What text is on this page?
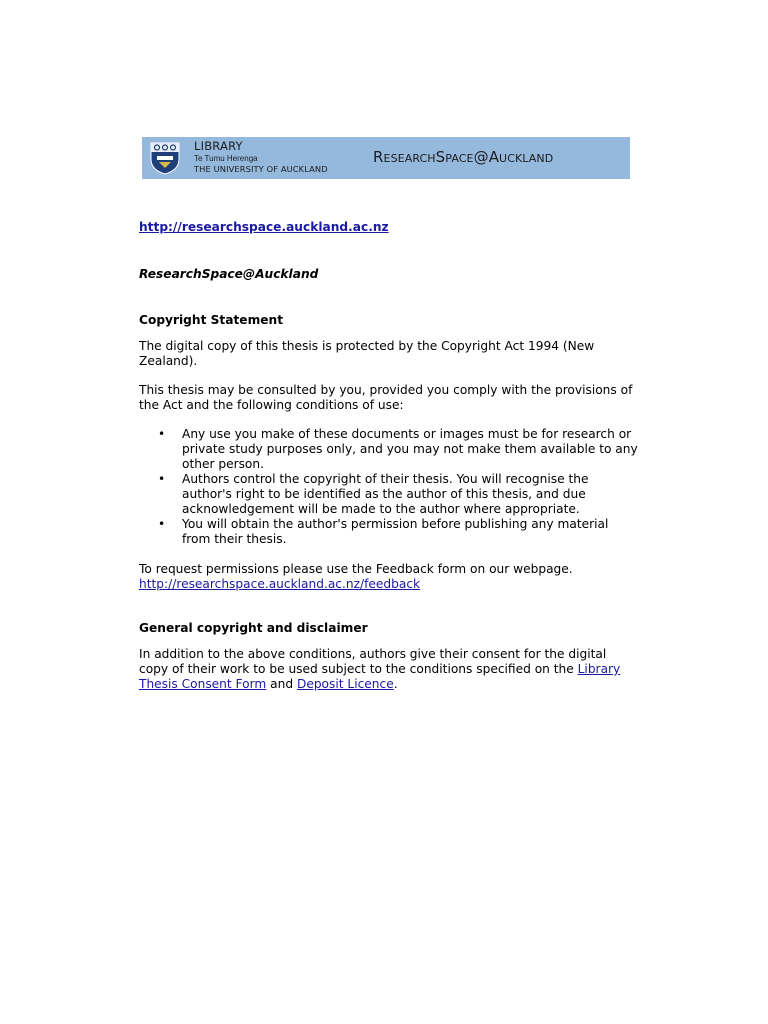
LIBRARY
Te Tumu Herenga
THE UNIVERSITY OF AUCKLAND
ResearchSpace@Auckland

http://researchspace.auckland.ac.nz

ResearchSpace@Auckland

Copyright Statement

The digital copy of this thesis is protected by the Copyright Act 1994 (New Zealand).

This thesis may be consulted by you, provided you comply with the provisions of the Act and the following conditions of use:

• Any use you make of these documents or images must be for research or private study purposes only, and you may not make them available to any other person.
• Authors control the copyright of their thesis. You will recognise the author's right to be identified as the author of this thesis, and due acknowledgement will be made to the author where appropriate.
• You will obtain the author's permission before publishing any material from their thesis.

To request permissions please use the Feedback form on our webpage.
http://researchspace.auckland.ac.nz/feedback

General copyright and disclaimer

In addition to the above conditions, authors give their consent for the digital copy of their work to be used subject to the conditions specified on the Library Thesis Consent Form and Deposit Licence.
